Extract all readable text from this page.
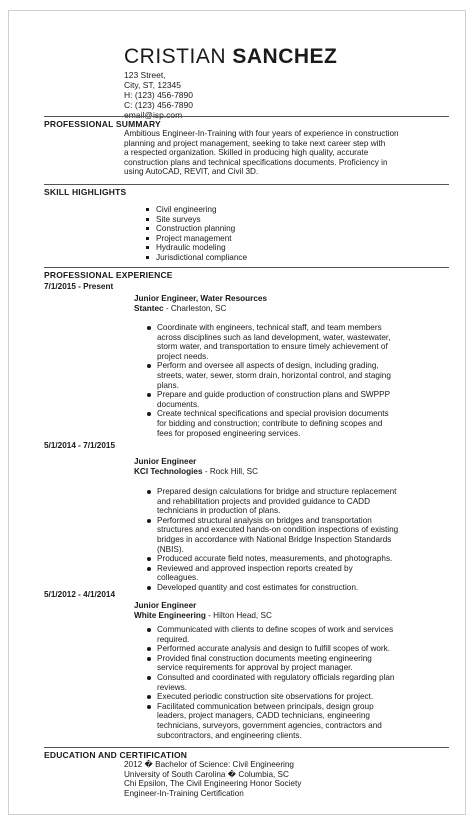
CRISTIAN SANCHEZ
123 Street,
City, ST, 12345
H: (123) 456-7890
C: (123) 456-7890
email@isp.com
PROFESSIONAL SUMMARY
Ambitious Engineer-In-Training with four years of experience in construction
planning and project management, seeking to take next career step with
a respected organization. Skilled in producing high quality, accurate
construction plans and technical specifications documents. Proficiency in
using AutoCAD, REVIT, and Civil 3D.
SKILL HIGHLIGHTS
Civil engineering
Site surveys
Construction planning
Project management
Hydraulic modeling
Jurisdictional compliance
PROFESSIONAL EXPERIENCE
7/1/2015 - Present
Junior Engineer, Water Resources
Stantec - Charleston, SC
Coordinate with engineers, technical staff, and team members
across disciplines such as land development, water, wastewater,
storm water, and transportation to ensure timely achievement of
project needs.
Perform and oversee all aspects of design, including grading,
streets, water, sewer, storm drain, horizontal control, and staging
plans.
Prepare and guide production of construction plans and SWPPP
documents.
Create technical specifications and special provision documents
for bidding and construction; contribute to defining scopes and
fees for proposed engineering services.
5/1/2014 - 7/1/2015
Junior Engineer
KCI Technologies - Rock Hill, SC
Prepared design calculations for bridge and structure replacement
and rehabilitation projects and provided guidance to CADD
technicians in production of plans.
Performed structural analysis on bridges and transportation
structures and executed hands-on condition inspections of existing
bridges in accordance with National Bridge Inspection Standards
(NBIS).
Produced accurate field notes, measurements, and photographs.
Reviewed and approved inspection reports created by
colleagues.
Developed quantity and cost estimates for construction.
5/1/2012 - 4/1/2014
Junior Engineer
White Engineering - Hilton Head, SC
Communicated with clients to define scopes of work and services
required.
Performed accurate analysis and design to fulfill scopes of work.
Provided final construction documents meeting engineering
service requirements for approval by project manager.
Consulted and coordinated with regulatory officials regarding plan
reviews.
Executed periodic construction site observations for project.
Facilitated communication between principals, design group
leaders, project managers, CADD technicians, engineering
technicians, surveyors, government agencies, contractors and
subcontractors, and engineering clients.
EDUCATION AND CERTIFICATION
2012 � Bachelor of Science: Civil Engineering
University of South Carolina � Columbia, SC
Chi Epsilon, The Civil Engineering Honor Society
Engineer-In-Training Certification
